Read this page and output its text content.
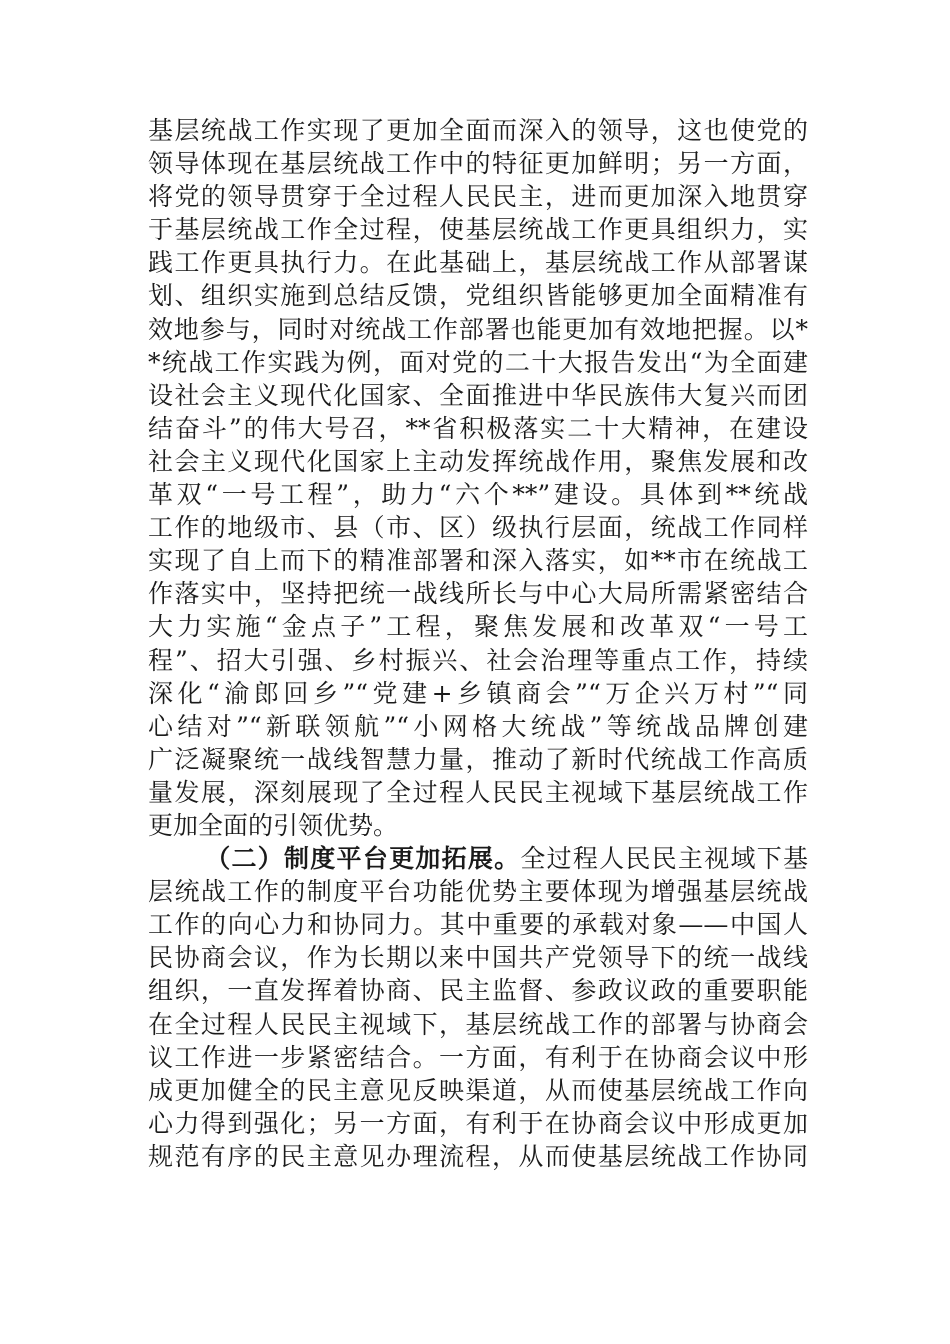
基层统战工作实现了更加全面而深入的领导，这也使党的
领导体现在基层统战工作中的特征更加鲜明；另一方面，
将党的领导贯穿于全过程人民民主，进而更加深入地贯穿
于基层统战工作全过程，使基层统战工作更具组织力，实
践工作更具执行力。在此基础上，基层统战工作从部署谋
划、组织实施到总结反馈，党组织皆能够更加全面精准有
效地参与，同时对统战工作部署也能更加有效地把握。以*
*统战工作实践为例，面对党的二十大报告发出“为全面建
设社会主义现代化国家、全面推进中华民族伟大复兴而团
结奋斗”的伟大号召，**省积极落实二十大精神，在建设
社会主义现代化国家上主动发挥统战作用，聚焦发展和改
革双“一号工程”，助力“六个**”建设。具体到**统战
工作的地级市、县（市、区）级执行层面，统战工作同样
实现了自上而下的精准部署和深入落实，如**市在统战工
作落实中，坚持把统一战线所长与中心大局所需紧密结合
大力实施“金点子”工程，聚焦发展和改革双“一号工
程”、招大引强、乡村振兴、社会治理等重点工作，持续
深化“渝郎回乡”“党建+乡镇商会”“万企兴万村”“同
心结对”“新联领航”“小网格大统战”等统战品牌创建
广泛凝聚统一战线智慧力量，推动了新时代统战工作高质
量发展，深刻展现了全过程人民民主视域下基层统战工作
更加全面的引领优势。
（二）制度平台更加拓展。全过程人民民主视域下基
层统战工作的制度平台功能优势主要体现为增强基层统战
工作的向心力和协同力。其中重要的承载对象——中国人
民协商会议，作为长期以来中国共产党领导下的统一战线
组织，一直发挥着协商、民主监督、参政议政的重要职能
在全过程人民民主视域下，基层统战工作的部署与协商会
议工作进一步紧密结合。一方面，有利于在协商会议中形
成更加健全的民主意见反映渠道，从而使基层统战工作向
心力得到强化；另一方面，有利于在协商会议中形成更加
规范有序的民主意见办理流程，从而使基层统战工作协同
